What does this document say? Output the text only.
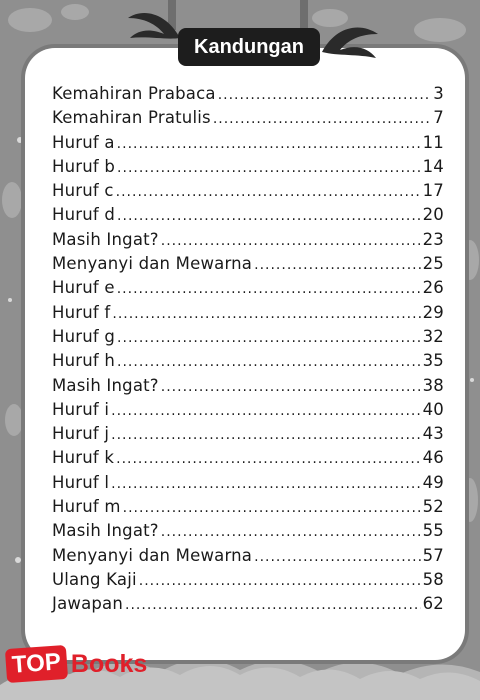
Kandungan
Kemahiran Prabaca .....	3
Kemahiran Pratulis .....	7
Huruf a .....	11
Huruf b .....	14
Huruf c .....	17
Huruf d .....	20
Masih Ingat? .....	23
Menyanyi dan Mewarna .....	25
Huruf e .....	26
Huruf f .....	29
Huruf g .....	32
Huruf h .....	35
Masih Ingat? .....	38
Huruf i .....	40
Huruf j .....	43
Huruf k .....	46
Huruf l .....	49
Huruf m .....	52
Masih Ingat? .....	55
Menyanyi dan Mewarna .....	57
Ulang Kaji .....	58
Jawapan .....	62
TOP Books
